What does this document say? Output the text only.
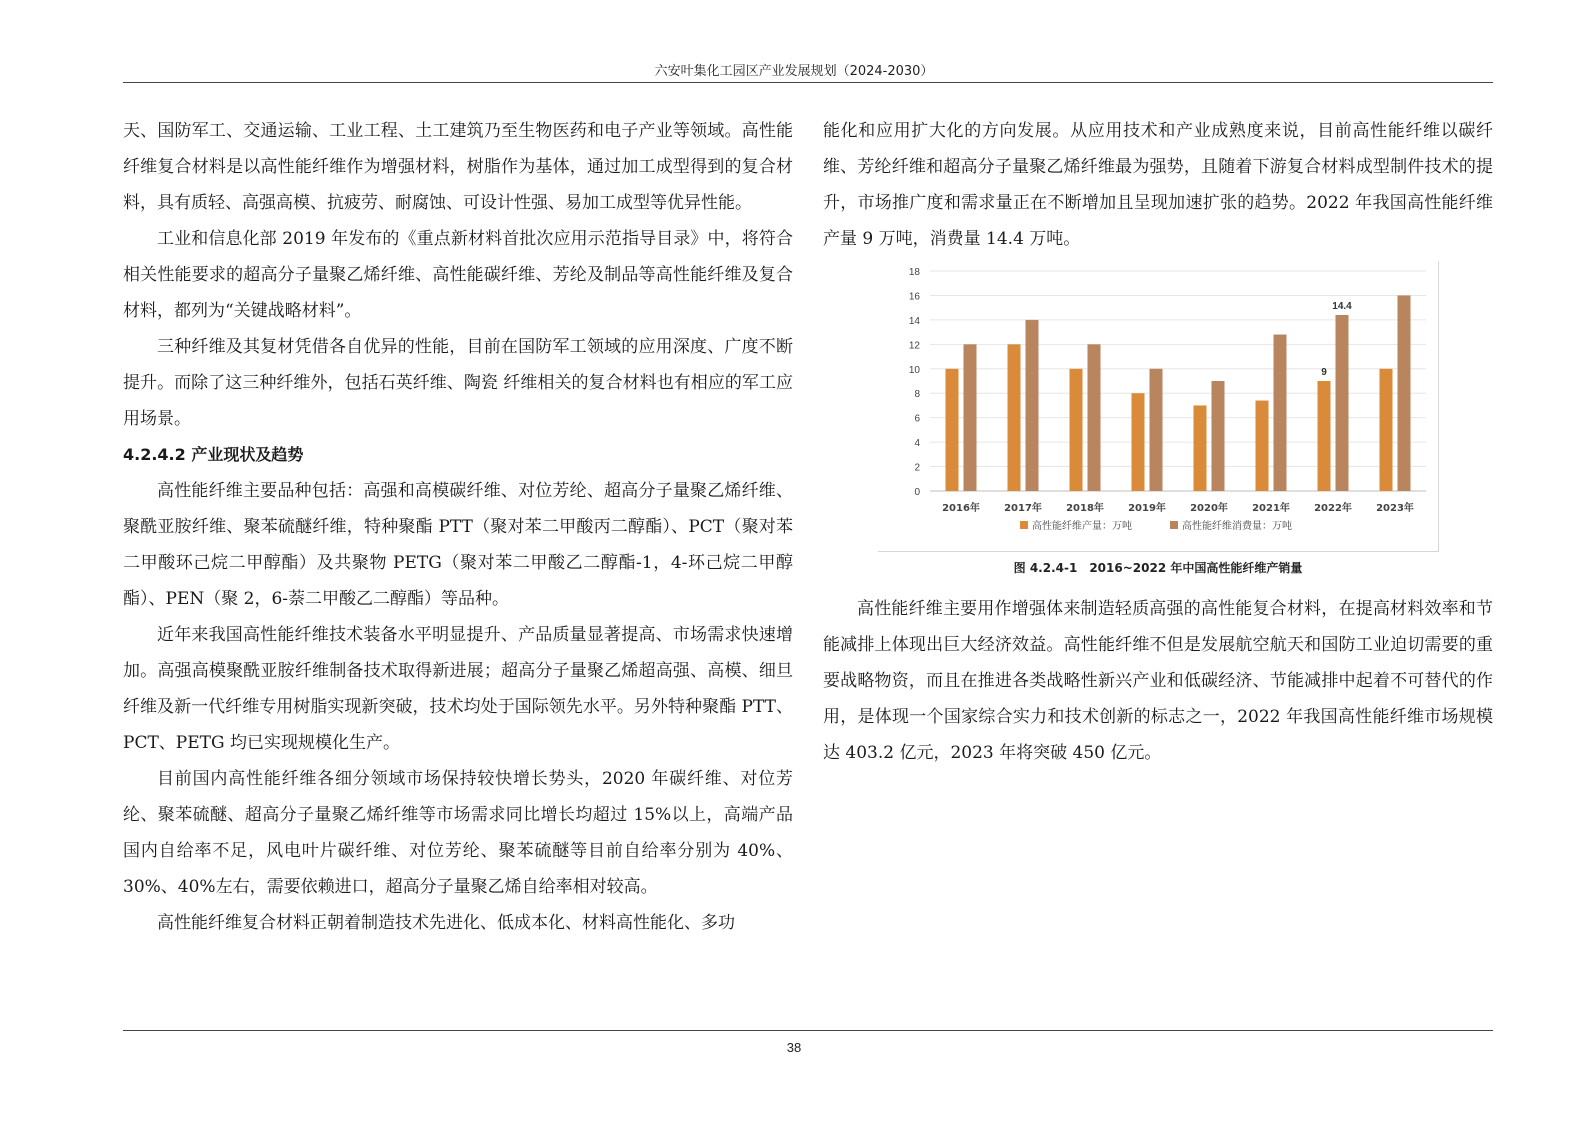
六安叶集化工园区产业发展规划（2024-2030）

天、国防军工、交通运输、工业工程、土工建筑乃至生物医药和电子产业等领域。高性能纤维复合材料是以高性能纤维作为增强材料，树脂作为基体，通过加工成型得到的复合材料，具有质轻、高强高模、抗疲劳、耐腐蚀、可设计性强、易加工成型等优异性能。

工业和信息化部 2019 年发布的《重点新材料首批次应用示范指导目录》中，将符合相关性能要求的超高分子量聚乙烯纤维、高性能碳纤维、芳纶及制品等高性能纤维及复合材料，都列为“关键战略材料”。

三种纤维及其复材凭借各自优异的性能，目前在国防军工领域的应用深度、广度不断提升。而除了这三种纤维外，包括石英纤维、陶瓷 纤维相关的复合材料也有相应的军工应用场景。

4.2.4.2 产业现状及趋势

高性能纤维主要品种包括：高强和高模碳纤维、对位芳纶、超高分子量聚乙烯纤维、聚酰亚胺纤维、聚苯硫醚纤维，特种聚酯 PTT（聚对苯二甲酸丙二醇酯）、PCT（聚对苯二甲酸环己烷二甲醇酯）及共聚物 PETG（聚对苯二甲酸乙二醇酯-1，4-环己烷二甲醇酯）、PEN（聚 2，6-萘二甲酸乙二醇酯）等品种。

近年来我国高性能纤维技术装备水平明显提升、产品质量显著提高、市场需求快速增加。高强高模聚酰亚胺纤维制备技术取得新进展；超高分子量聚乙烯超高强、高模、细旦纤维及新一代纤维专用树脂实现新突破，技术均处于国际领先水平。另外特种聚酯 PTT、PCT、PETG 均已实现规模化生产。

目前国内高性能纤维各细分领域市场保持较快增长势头，2020 年碳纤维、对位芳纶、聚苯硫醚、超高分子量聚乙烯纤维等市场需求同比增长均超过 15%以上，高端产品国内自给率不足，风电叶片碳纤维、对位芳纶、聚苯硫醚等目前自给率分别为 40%、30%、40%左右，需要依赖进口，超高分子量聚乙烯自给率相对较高。

高性能纤维复合材料正朝着制造技术先进化、低成本化、材料高性能化、多功

能化和应用扩大化的方向发展。从应用技术和产业成熟度来说，目前高性能纤维以碳纤维、芳纶纤维和超高分子量聚乙烯纤维最为强势，且随着下游复合材料成型制件技术的提升，市场推广度和需求量正在不断增加且呈现加速扩张的趋势。2022 年我国高性能纤维产量 9 万吨，消费量 14.4 万吨。

0
2
4
6
8
10
12
14
16
18
9
14.4
2016年 2017年 2018年 2019年 2020年 2021年 2022年 2023年
高性能纤维产量：万吨	高性能纤维消费量：万吨
图 4.2.4-1　2016~2022 年中国高性能纤维产销量

高性能纤维主要用作增强体来制造轻质高强的高性能复合材料，在提高材料效率和节能减排上体现出巨大经济效益。高性能纤维不但是发展航空航天和国防工业迫切需要的重要战略物资，而且在推进各类战略性新兴产业和低碳经济、节能减排中起着不可替代的作用，是体现一个国家综合实力和技术创新的标志之一，2022 年我国高性能纤维市场规模达 403.2 亿元，2023 年将突破 450 亿元。

38
